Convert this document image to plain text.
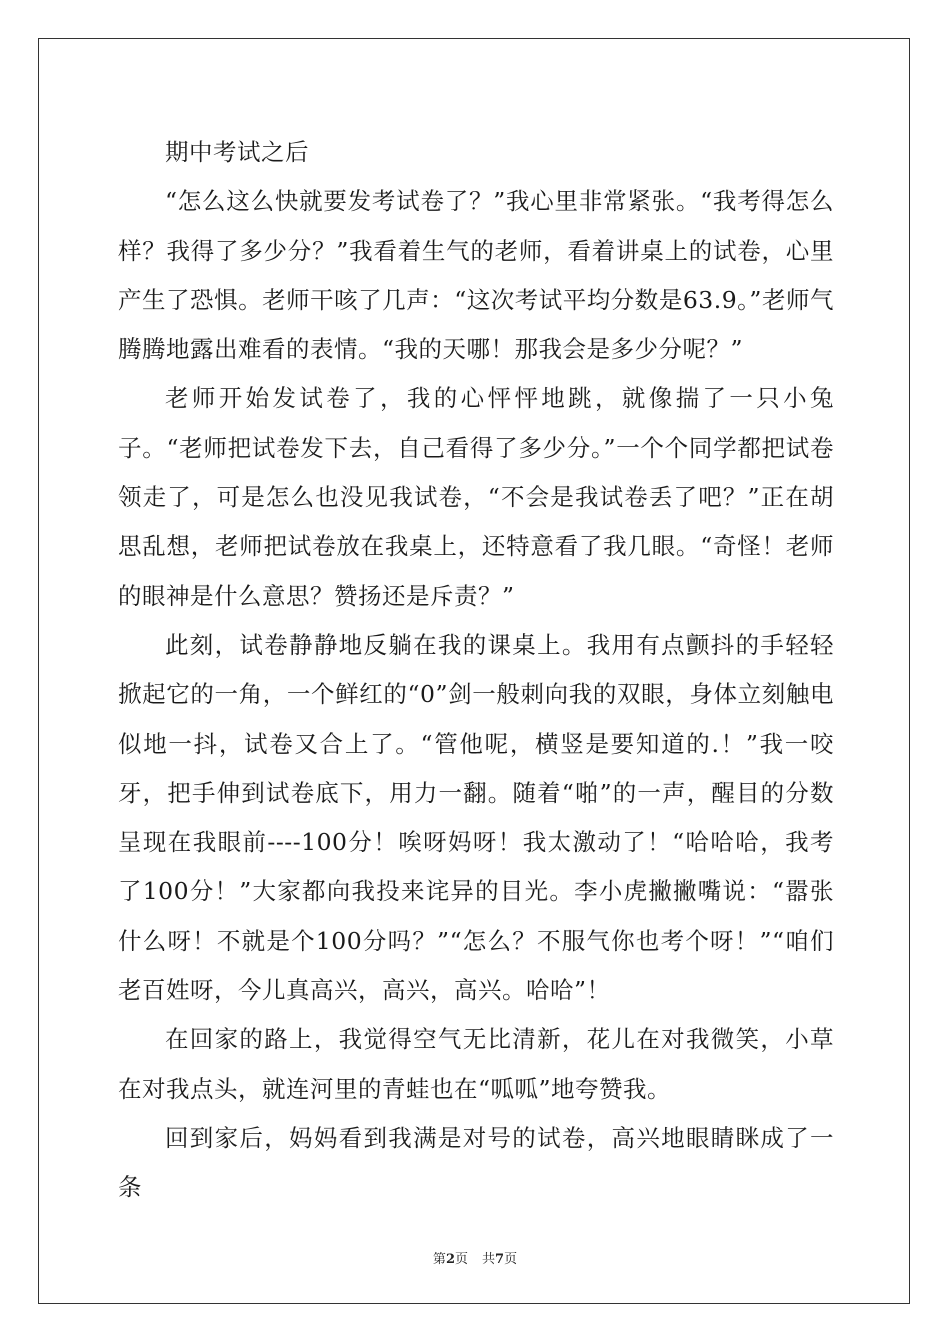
期中考试之后

“怎么这么快就要发考试卷了？”我心里非常紧张。“我考得怎么样？我得了多少分？”我看着生气的老师，看着讲桌上的试卷，心里产生了恐惧。老师干咳了几声：“这次考试平均分数是63.9。”老师气腾腾地露出难看的表情。“我的天哪！那我会是多少分呢？”

老师开始发试卷了，我的心怦怦地跳，就像揣了一只小兔子。“老师把试卷发下去，自己看得了多少分。”一个个同学都把试卷领走了，可是怎么也没见我试卷，“不会是我试卷丢了吧？”正在胡思乱想，老师把试卷放在我桌上，还特意看了我几眼。“奇怪！老师的眼神是什么意思？赞扬还是斥责？”

此刻，试卷静静地反躺在我的课桌上。我用有点颤抖的手轻轻掀起它的一角，一个鲜红的“0”剑一般刺向我的双眼，身体立刻触电似地一抖，试卷又合上了。“管他呢，横竖是要知道的.！”我一咬牙，把手伸到试卷底下，用力一翻。随着“啪”的一声，醒目的分数呈现在我眼前----100分！唉呀妈呀！我太激动了！“哈哈哈，我考了100分！”大家都向我投来诧异的目光。李小虎撇撇嘴说：“嚣张什么呀！不就是个100分吗？”“怎么？不服气你也考个呀！”“咱们老百姓呀，今儿真高兴，高兴，高兴。哈哈”！

在回家的路上，我觉得空气无比清新，花儿在对我微笑，小草在对我点头，就连河里的青蛙也在“呱呱”地夸赞我。

回到家后，妈妈看到我满是对号的试卷，高兴地眼睛眯成了一条

第2页 共7页
